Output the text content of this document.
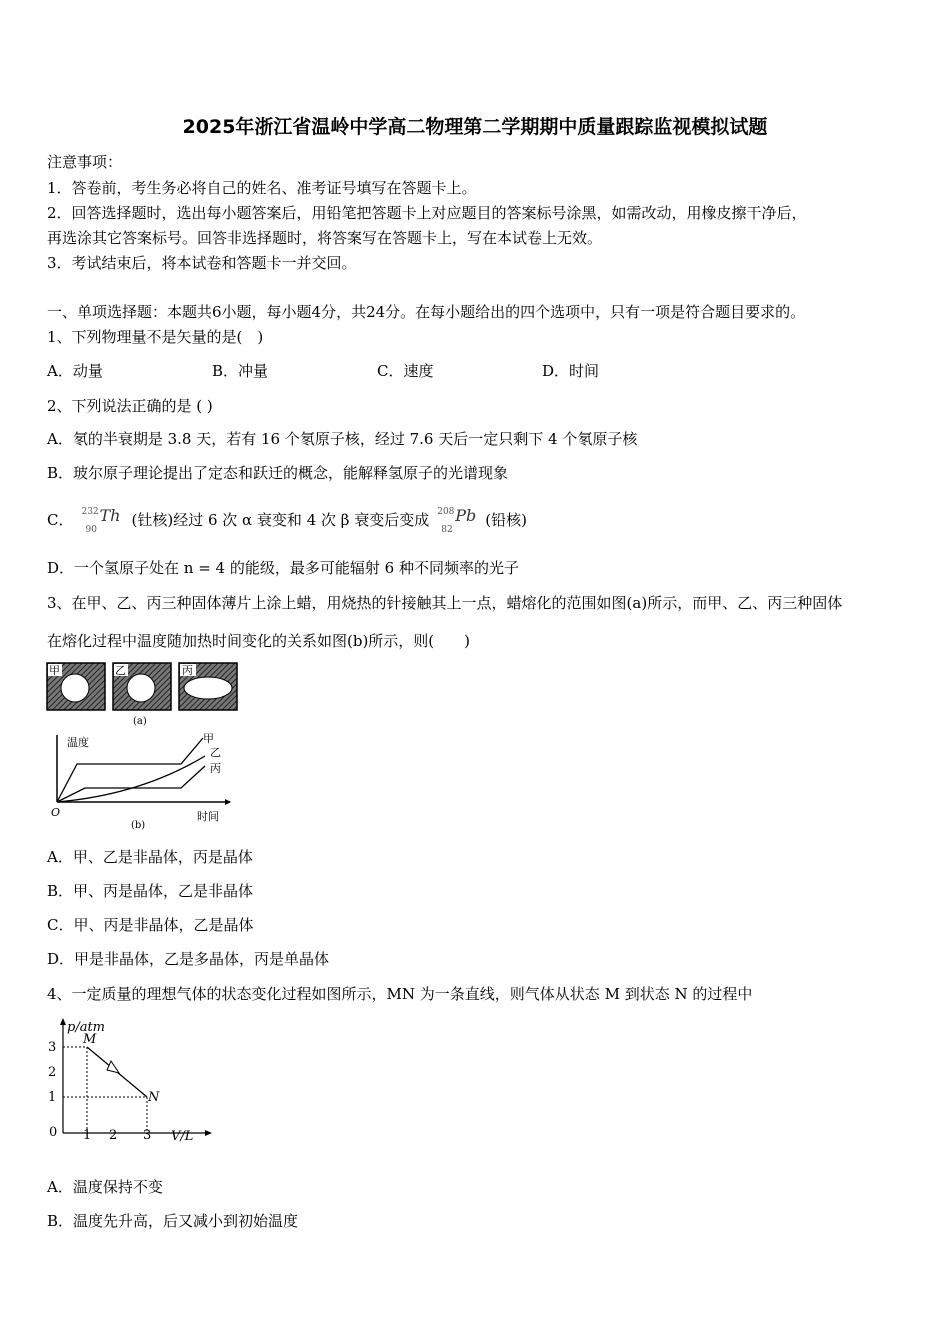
2025年浙江省温岭中学高二物理第二学期期中质量跟踪监视模拟试题
注意事项：
1．答卷前，考生务必将自己的姓名、准考证号填写在答题卡上。
2．回答选择题时，选出每小题答案后，用铅笔把答题卡上对应题目的答案标号涂黑，如需改动，用橡皮擦干净后，
再选涂其它答案标号。回答非选择题时，将答案写在答题卡上，写在本试卷上无效。
3．考试结束后，将本试卷和答题卡一并交回。
一、单项选择题：本题共6小题，每小题4分，共24分。在每小题给出的四个选项中，只有一项是符合题目要求的。
1、下列物理量不是矢量的是(　)
A．动量	B．冲量	C．速度	D．时间
2、下列说法正确的是 ( )
A．氡的半衰期是 3.8 天，若有 16 个氡原子核，经过 7.6 天后一定只剩下 4 个氡原子核
B．玻尔原子理论提出了定态和跃迁的概念，能解释氢原子的光谱现象
C． 232
90
Th (钍核)经过 6 次 α 衰变和 4 次 β 衰变后变成 208
82
Pb (铅核)
D．一个氢原子处在 n = 4 的能级，最多可能辐射 6 种不同频率的光子
3、在甲、乙、丙三种固体薄片上涂上蜡，用烧热的针接触其上一点，蜡熔化的范围如图(a)所示，而甲、乙、丙三种固体
在熔化过程中温度随加热时间变化的关系如图(b)所示，则(　　)
甲	乙	丙
(a)
温度
时间
O
(b)
甲
乙
丙
A．甲、乙是非晶体，丙是晶体
B．甲、丙是晶体，乙是非晶体
C．甲、丙是非晶体，乙是晶体
D．甲是非晶体，乙是多晶体，丙是单晶体
4、一定质量的理想气体的状态变化过程如图所示，MN 为一条直线，则气体从状态 M 到状态 N 的过程中
p/atm
V/L
0
3
2
1
1 2 3
M
N
A．温度保持不变
B．温度先升高，后又减小到初始温度
